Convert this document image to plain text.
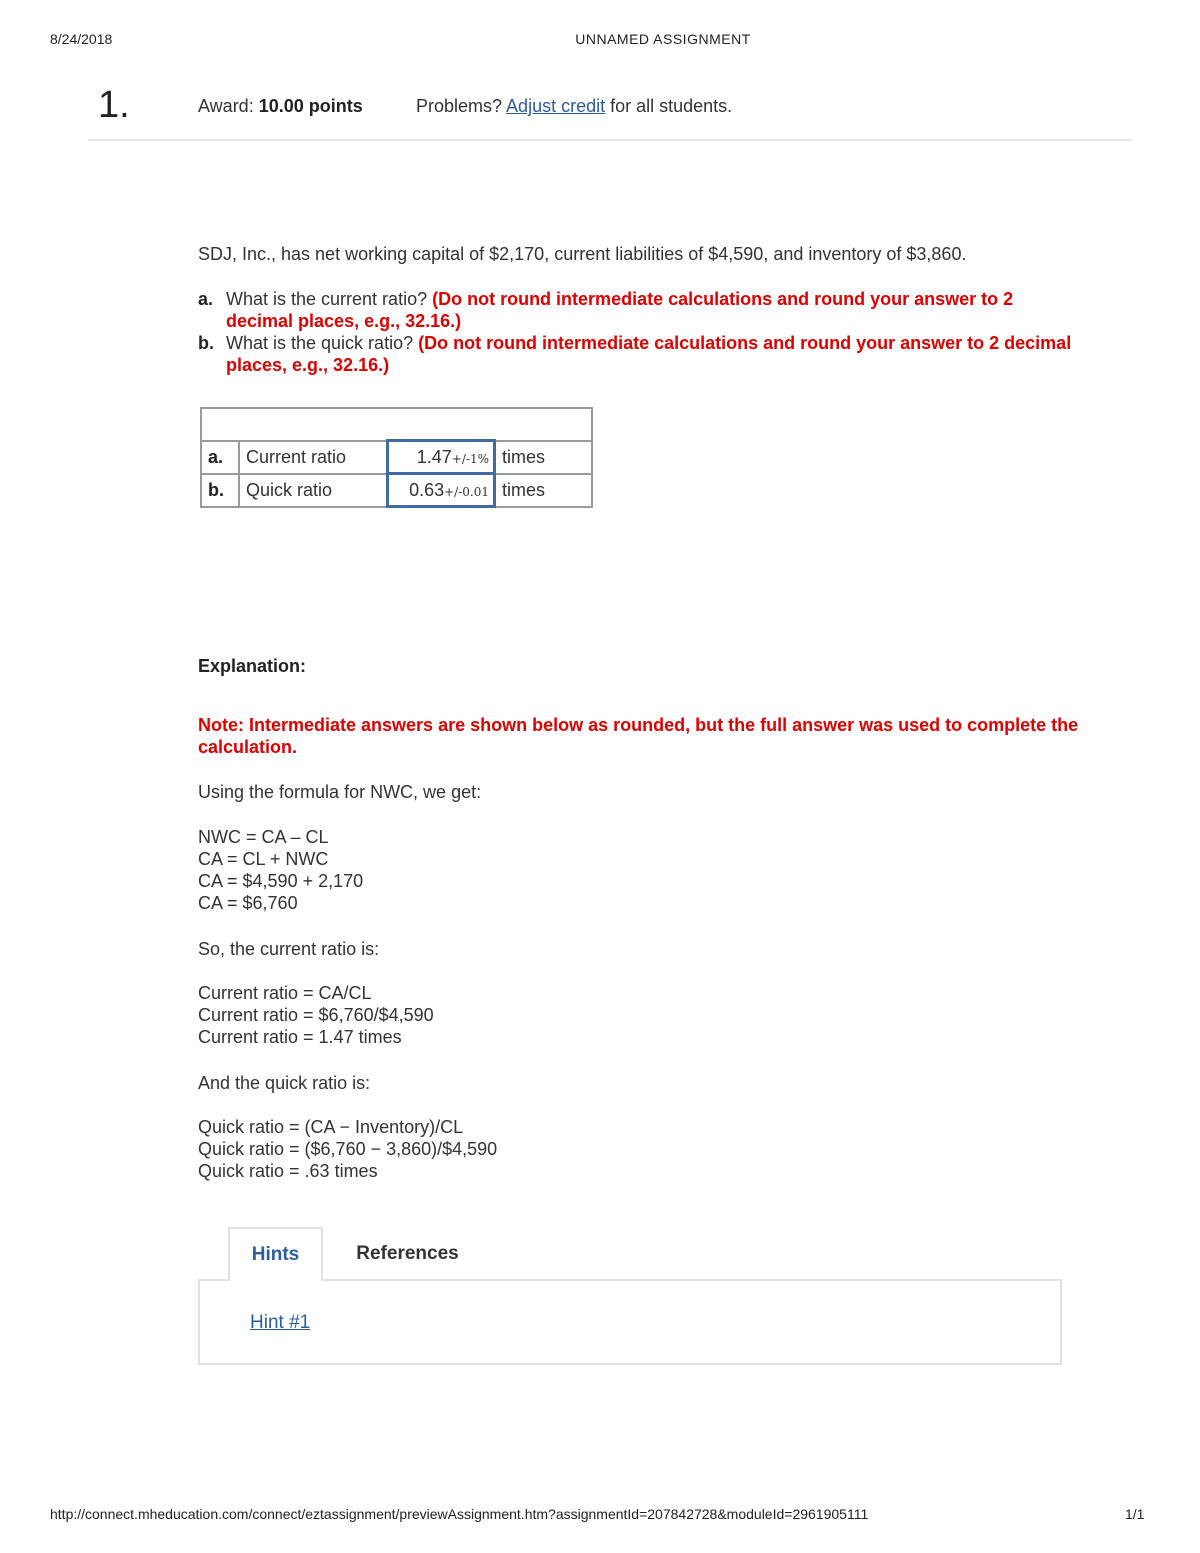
8/24/2018	UNNAMED ASSIGNMENT
1.	Award: 10.00 points	Problems? Adjust credit for all students.
SDJ, Inc., has net working capital of $2,170, current liabilities of $4,590, and inventory of $3,860.
a. What is the current ratio? (Do not round intermediate calculations and round your answer to 2 decimal places, e.g., 32.16.)
b. What is the quick ratio? (Do not round intermediate calculations and round your answer to 2 decimal places, e.g., 32.16.)

a.	Current ratio	1.47+/-1%	times
b.	Quick ratio	0.63+/-0.01	times
Explanation:
Note: Intermediate answers are shown below as rounded, but the full answer was used to complete the calculation.
Using the formula for NWC, we get:
NWC = CA – CL
CA = CL + NWC
CA = $4,590 + 2,170
CA = $6,760
So, the current ratio is:
Current ratio = CA/CL
Current ratio = $6,760/$4,590
Current ratio = 1.47 times
And the quick ratio is:
Quick ratio = (CA − Inventory)/CL
Quick ratio = ($6,760 − 3,860)/$4,590
Quick ratio = .63 times
Hints	References
Hint #1
http://connect.mheducation.com/connect/eztassignment/previewAssignment.htm?assignmentId=207842728&moduleId=2961905111	1/1
